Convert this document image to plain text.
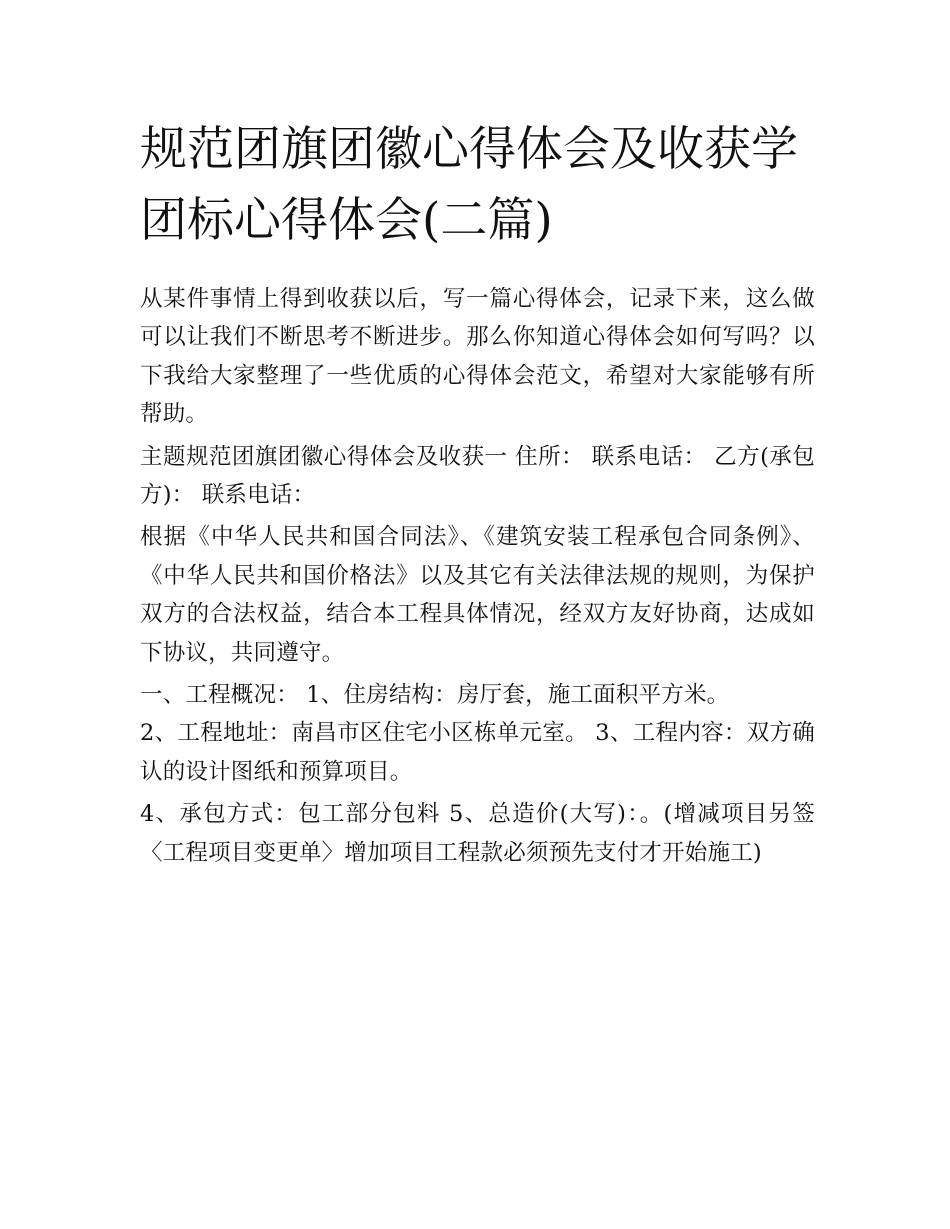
规范团旗团徽心得体会及收获学团标心得体会(二篇)

从某件事情上得到收获以后，写一篇心得体会，记录下来，这么做可以让我们不断思考不断进步。那么你知道心得体会如何写吗？以下我给大家整理了一些优质的心得体会范文，希望对大家能够有所帮助。

主题规范团旗团徽心得体会及收获一 住所： 联系电话： 乙方(承包方)： 联系电话：

根据《中华人民共和国合同法》、《建筑安装工程承包合同条例》、《中华人民共和国价格法》以及其它有关法律法规的规则，为保护双方的合法权益，结合本工程具体情况，经双方友好协商，达成如下协议，共同遵守。

一、工程概况： 1、住房结构：房厅套，施工面积平方米。

2、工程地址：南昌市区住宅小区栋单元室。 3、工程内容：双方确认的设计图纸和预算项目。

4、承包方式：包工部分包料 5、总造价(大写)：。(增减项目另签〈工程项目变更单〉增加项目工程款必须预先支付才开始施工)
